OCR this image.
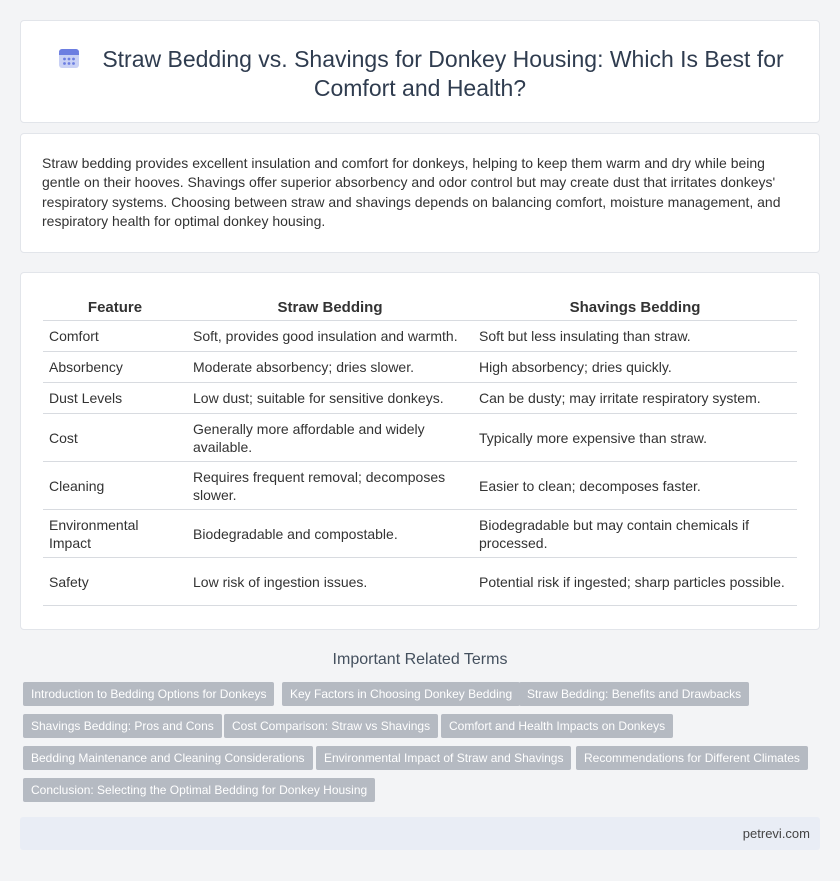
Straw Bedding vs. Shavings for Donkey Housing: Which Is Best for Comfort and Health?

Straw bedding provides excellent insulation and comfort for donkeys, helping to keep them warm and dry while being gentle on their hooves. Shavings offer superior absorbency and odor control but may create dust that irritates donkeys' respiratory systems. Choosing between straw and shavings depends on balancing comfort, moisture management, and respiratory health for optimal donkey housing.

Feature	Straw Bedding	Shavings Bedding
Comfort	Soft, provides good insulation and warmth.	Soft but less insulating than straw.
Absorbency	Moderate absorbency; dries slower.	High absorbency; dries quickly.
Dust Levels	Low dust; suitable for sensitive donkeys.	Can be dusty; may irritate respiratory system.
Cost	Generally more affordable and widely available.	Typically more expensive than straw.
Cleaning	Requires frequent removal; decomposes slower.	Easier to clean; decomposes faster.
Environmental Impact	Biodegradable and compostable.	Biodegradable but may contain chemicals if processed.
Safety	Low risk of ingestion issues.	Potential risk if ingested; sharp particles possible.
Important Related Terms
Introduction to Bedding Options for Donkeys	Key Factors in Choosing Donkey Bedding	Straw Bedding: Benefits and Drawbacks
Shavings Bedding: Pros and Cons	Cost Comparison: Straw vs Shavings	Comfort and Health Impacts on Donkeys
Bedding Maintenance and Cleaning Considerations	Environmental Impact of Straw and Shavings	Recommendations for Different Climates
Conclusion: Selecting the Optimal Bedding for Donkey Housing
petrevi.com
